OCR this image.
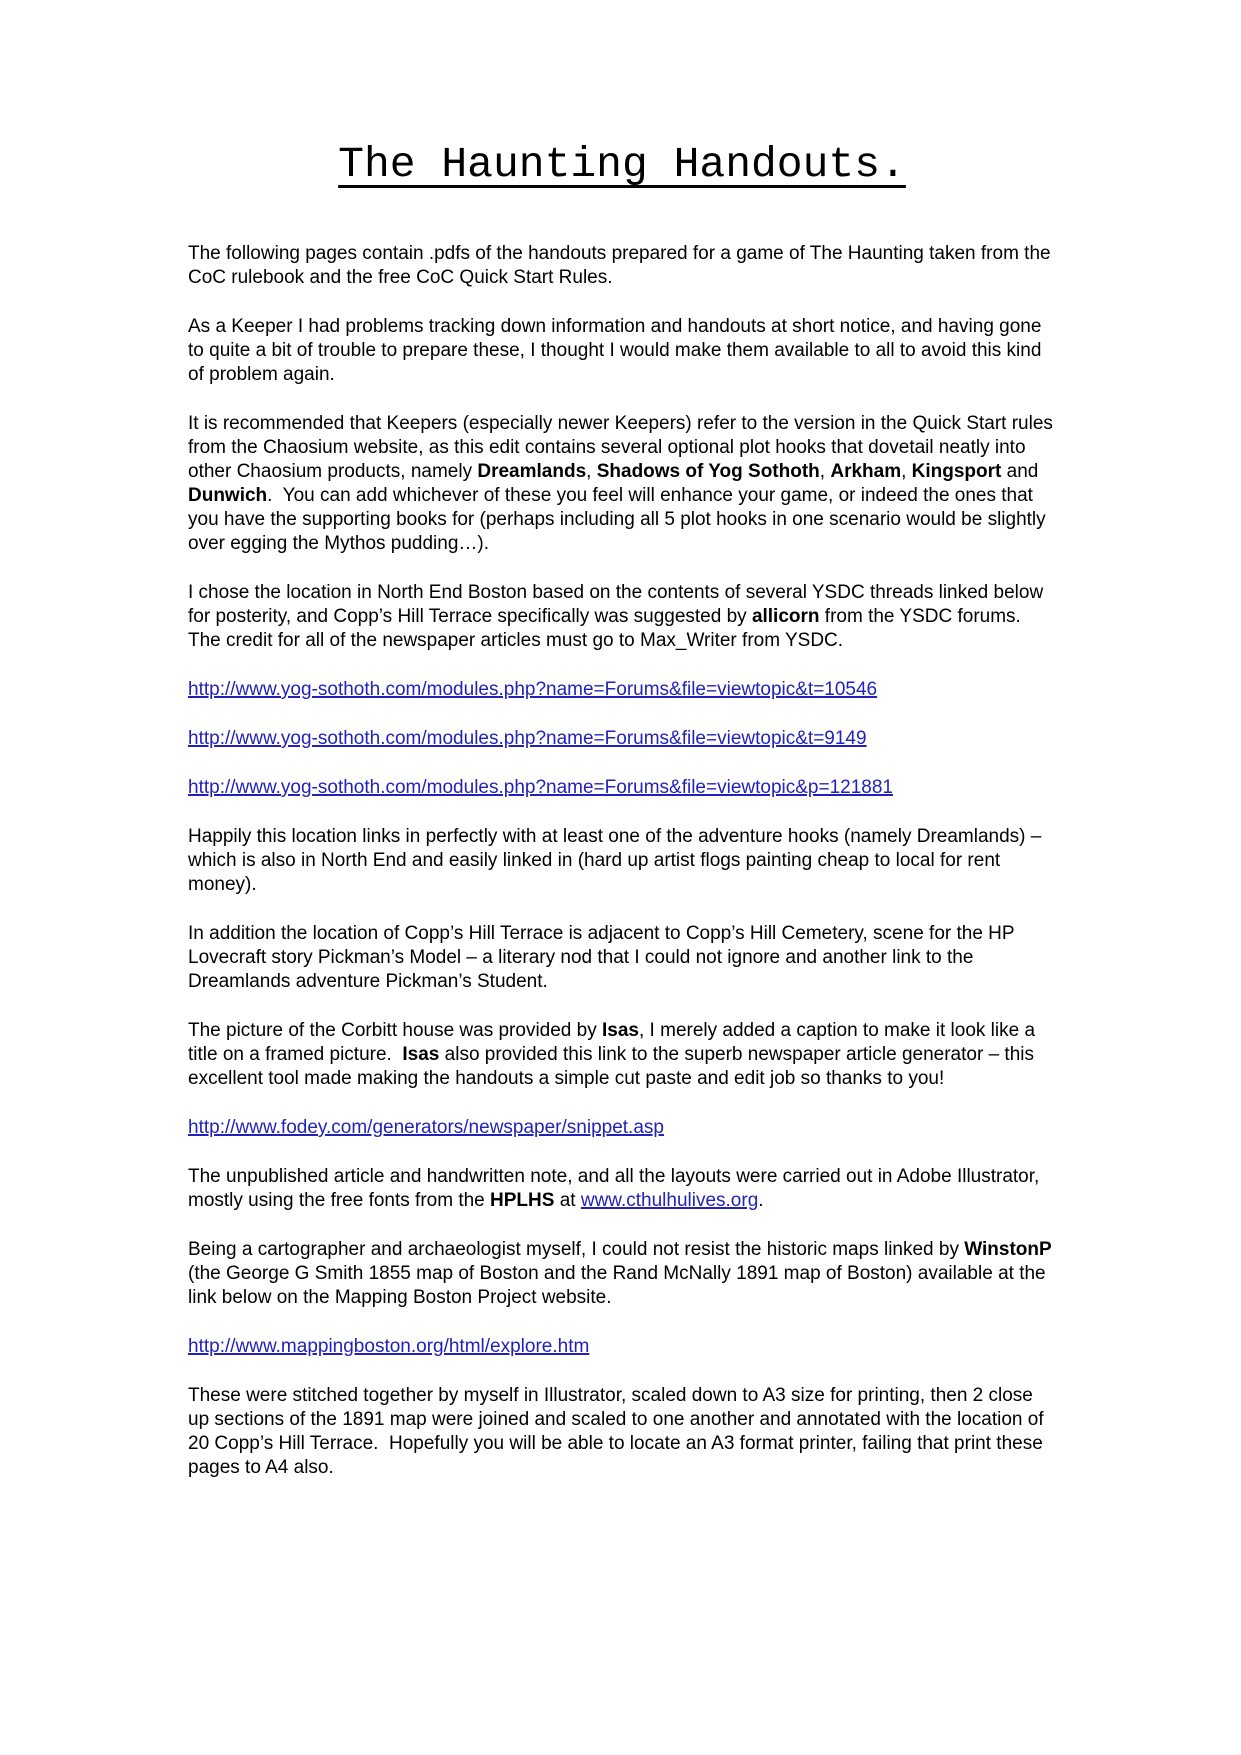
The Haunting Handouts.

The following pages contain .pdfs of the handouts prepared for a game of The Haunting taken from the CoC rulebook and the free CoC Quick Start Rules.

As a Keeper I had problems tracking down information and handouts at short notice, and having gone to quite a bit of trouble to prepare these, I thought I would make them available to all to avoid this kind of problem again.

It is recommended that Keepers (especially newer Keepers) refer to the version in the Quick Start rules from the Chaosium website, as this edit contains several optional plot hooks that dovetail neatly into other Chaosium products, namely Dreamlands, Shadows of Yog Sothoth, Arkham, Kingsport and Dunwich.  You can add whichever of these you feel will enhance your game, or indeed the ones that you have the supporting books for (perhaps including all 5 plot hooks in one scenario would be slightly over egging the Mythos pudding…).

I chose the location in North End Boston based on the contents of several YSDC threads linked below for posterity, and Copp’s Hill Terrace specifically was suggested by allicorn from the YSDC forums.  The credit for all of the newspaper articles must go to Max_Writer from YSDC.

http://www.yog-sothoth.com/modules.php?name=Forums&file=viewtopic&t=10546

http://www.yog-sothoth.com/modules.php?name=Forums&file=viewtopic&t=9149

http://www.yog-sothoth.com/modules.php?name=Forums&file=viewtopic&p=121881

Happily this location links in perfectly with at least one of the adventure hooks (namely Dreamlands) – which is also in North End and easily linked in (hard up artist flogs painting cheap to local for rent money).

In addition the location of Copp’s Hill Terrace is adjacent to Copp’s Hill Cemetery, scene for the HP Lovecraft story Pickman’s Model – a literary nod that I could not ignore and another link to the Dreamlands adventure Pickman’s Student.

The picture of the Corbitt house was provided by Isas, I merely added a caption to make it look like a title on a framed picture.  Isas also provided this link to the superb newspaper article generator – this excellent tool made making the handouts a simple cut paste and edit job so thanks to you!

http://www.fodey.com/generators/newspaper/snippet.asp

The unpublished article and handwritten note, and all the layouts were carried out in Adobe Illustrator, mostly using the free fonts from the HPLHS at www.cthulhulives.org.

Being a cartographer and archaeologist myself, I could not resist the historic maps linked by WinstonP (the George G Smith 1855 map of Boston and the Rand McNally 1891 map of Boston) available at the link below on the Mapping Boston Project website.

http://www.mappingboston.org/html/explore.htm

These were stitched together by myself in Illustrator, scaled down to A3 size for printing, then 2 close up sections of the 1891 map were joined and scaled to one another and annotated with the location of 20 Copp’s Hill Terrace.  Hopefully you will be able to locate an A3 format printer, failing that print these pages to A4 also.
